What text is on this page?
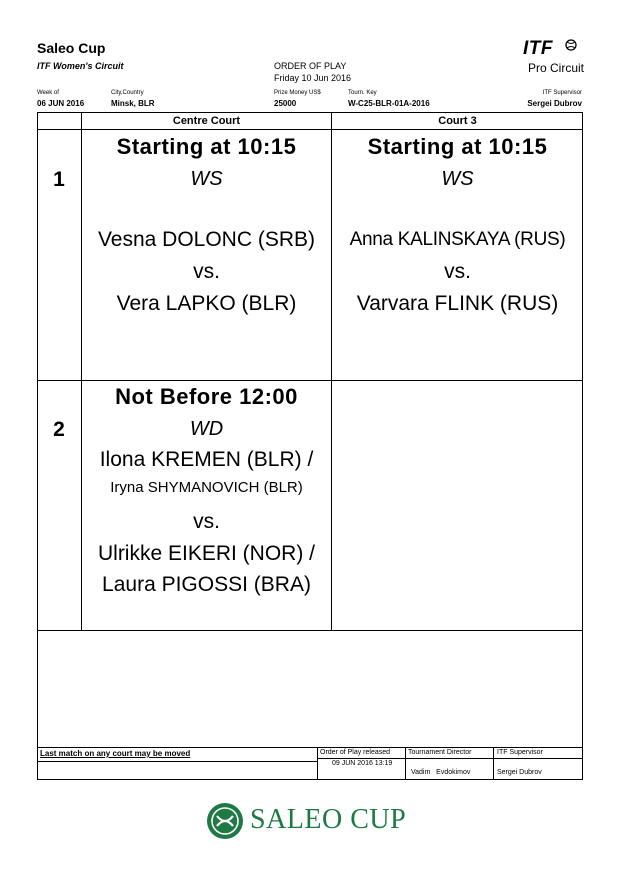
Saleo Cup
ITF Women's Circuit	ORDER OF PLAY
Friday 10 Jun 2016
ITF
Pro Circuit
Week of
06 JUN 2016
City,Country
Minsk, BLR
Prize Money US$
25000
Tourn. Key
W-C25-BLR-01A-2016
ITF Supervisor
Sergei Dubrov
Centre Court	Court 3
1
Starting at 10:15
WS
Vesna DOLONC (SRB)
vs.
Vera LAPKO (BLR)
Starting at 10:15
WS
Anna KALINSKAYA (RUS)
vs.
Varvara FLINK (RUS)
2
Not Before 12:00
WD
Ilona KREMEN (BLR) /
Iryna SHYMANOVICH (BLR)
vs.
Ulrikke EIKERI (NOR) /
Laura PIGOSSI (BRA)
Last match on any court may be moved	Order of Play released
09 JUN 2016 13:19
Tournament Director
Vadim   Evdokimov
ITF Supervisor
Sergei Dubrov
SALEO CUP
